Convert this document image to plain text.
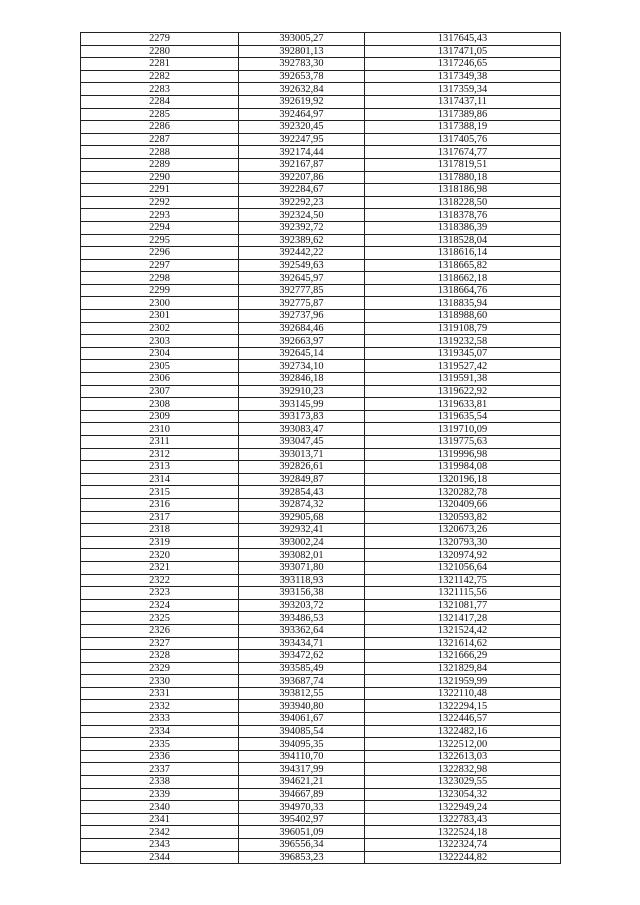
2279	393005,27	1317645,43
2280	392801,13	1317471,05
2281	392783,30	1317246,65
2282	392653,78	1317349,38
2283	392632,84	1317359,34
2284	392619,92	1317437,11
2285	392464,97	1317389,86
2286	392320,45	1317388,19
2287	392247,95	1317405,76
2288	392174,44	1317674,77
2289	392167,87	1317819,51
2290	392207,86	1317880,18
2291	392284,67	1318186,98
2292	392292,23	1318228,50
2293	392324,50	1318378,76
2294	392392,72	1318386,39
2295	392389,62	1318528,04
2296	392442,22	1318616,14
2297	392549,63	1318665,82
2298	392645,97	1318662,18
2299	392777,85	1318664,76
2300	392775,87	1318835,94
2301	392737,96	1318988,60
2302	392684,46	1319108,79
2303	392663,97	1319232,58
2304	392645,14	1319345,07
2305	392734,10	1319527,42
2306	392846,18	1319591,38
2307	392910,23	1319622,92
2308	393145,99	1319633,81
2309	393173,83	1319635,54
2310	393083,47	1319710,09
2311	393047,45	1319775,63
2312	393013,71	1319996,98
2313	392826,61	1319984,08
2314	392849,87	1320196,18
2315	392854,43	1320282,78
2316	392874,32	1320409,66
2317	392905,68	1320593,82
2318	392932,41	1320673,26
2319	393002,24	1320793,30
2320	393082,01	1320974,92
2321	393071,80	1321056,64
2322	393118,93	1321142,75
2323	393156,38	1321115,56
2324	393203,72	1321081,77
2325	393486,53	1321417,28
2326	393362,64	1321524,42
2327	393434,71	1321614,62
2328	393472,62	1321666,29
2329	393585,49	1321829,84
2330	393687,74	1321959,99
2331	393812,55	1322110,48
2332	393940,80	1322294,15
2333	394061,67	1322446,57
2334	394085,54	1322482,16
2335	394095,35	1322512,00
2336	394110,70	1322613,03
2337	394317,99	1322832,98
2338	394621,21	1323029,55
2339	394667,89	1323054,32
2340	394970,33	1322949,24
2341	395402,97	1322783,43
2342	396051,09	1322524,18
2343	396556,34	1322324,74
2344	396853,23	1322244,82
